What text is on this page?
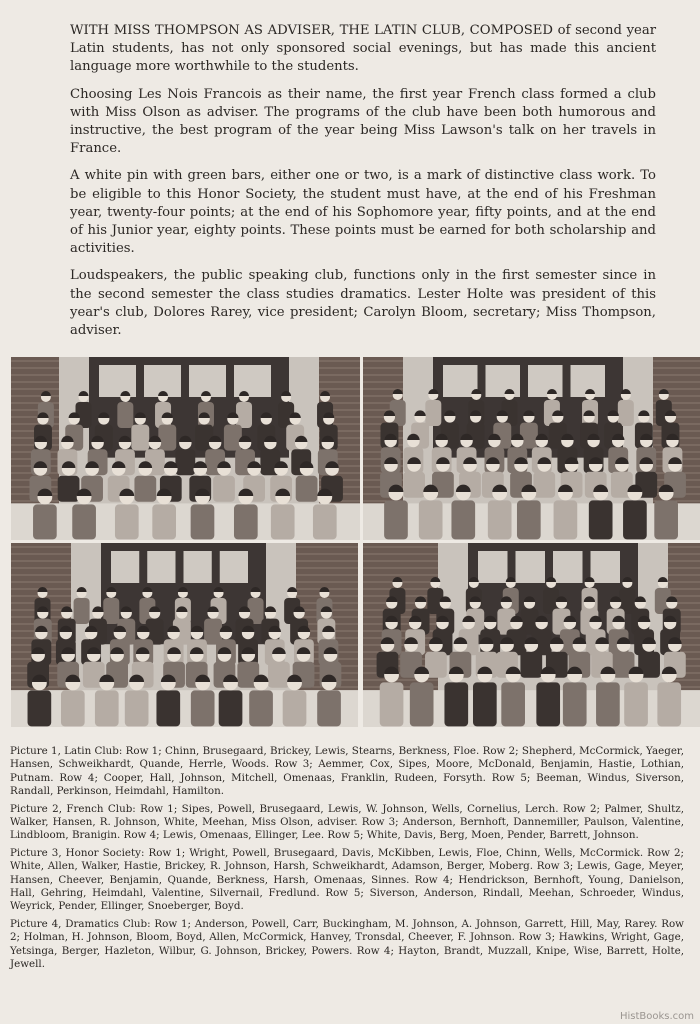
WITH MISS THOMPSON AS ADVISER, THE LATIN CLUB, COMPOSED of second year Latin students, has not only sponsored social evenings, but has made this ancient language more worthwhile to the students.

Choosing Les Nois Francois as their name, the first year French class formed a club with Miss Olson as adviser. The programs of the club have been both humorous and instructive, the best program of the year being Miss Lawson's talk on her travels in France.

A white pin with green bars, either one or two, is a mark of distinctive class work. To be eligible to this Honor Society, the student must have, at the end of his Freshman year, twenty-four points; at the end of his Sophomore year, fifty points, and at the end of his Junior year, eighty points. These points must be earned for both scholarship and activities.

Loudspeakers, the public speaking club, functions only in the first semester since in the second semester the class studies dramatics. Lester Holte was president of this year's club, Dolores Rarey, vice president; Carolyn Bloom, secretary; Miss Thompson, adviser.

Picture 1, Latin Club: Row 1; Chinn, Brusegaard, Brickey, Lewis, Stearns, Berkness, Floe. Row 2; Shepherd, McCormick, Yaeger, Hansen, Schweikhardt, Quande, Herrle, Woods. Row 3; Aemmer, Cox, Sipes, Moore, McDonald, Benjamin, Hastie, Lothian, Putnam. Row 4; Cooper, Hall, Johnson, Mitchell, Omenaas, Franklin, Rudeen, Forsyth. Row 5; Beeman, Windus, Siverson, Randall, Perkinson, Heimdahl, Hamilton.

Picture 2, French Club: Row 1; Sipes, Powell, Brusegaard, Lewis, W. Johnson, Wells, Cornelius, Lerch. Row 2; Palmer, Shultz, Walker, Hansen, R. Johnson, White, Meehan, Miss Olson, adviser. Row 3; Anderson, Bernhoft, Dannemiller, Paulson, Valentine, Lindbloom, Branigin. Row 4; Lewis, Omenaas, Ellinger, Lee. Row 5; White, Davis, Berg, Moen, Pender, Barrett, Johnson.

Picture 3, Honor Society: Row 1; Wright, Powell, Brusegaard, Davis, McKibben, Lewis, Floe, Chinn, Wells, McCormick. Row 2; White, Allen, Walker, Hastie, Brickey, R. Johnson, Harsh, Schweikhardt, Adamson, Berger, Moberg. Row 3; Lewis, Gage, Meyer, Hansen, Cheever, Benjamin, Quande, Berkness, Harsh, Omenaas, Sinnes. Row 4; Hendrickson, Bernhoft, Young, Danielson, Hall, Gehring, Heimdahl, Valentine, Silvernail, Fredlund. Row 5; Siverson, Anderson, Rindall, Meehan, Schroeder, Windus, Weyrick, Pender, Ellinger, Snoeberger, Boyd.

Picture 4, Dramatics Club: Row 1; Anderson, Powell, Carr, Buckingham, M. Johnson, A. Johnson, Garrett, Hill, May, Rarey. Row 2; Holman, H. Johnson, Bloom, Boyd, Allen, McCormick, Hanvey, Tronsdal, Cheever, F. Johnson. Row 3; Hawkins, Wright, Gage, Yetsinga, Berger, Hazleton, Wilbur, G. Johnson, Brickey, Powers. Row 4; Hayton, Brandt, Muzzall, Knipe, Wise, Barrett, Holte, Jewell.

HistBooks.com
